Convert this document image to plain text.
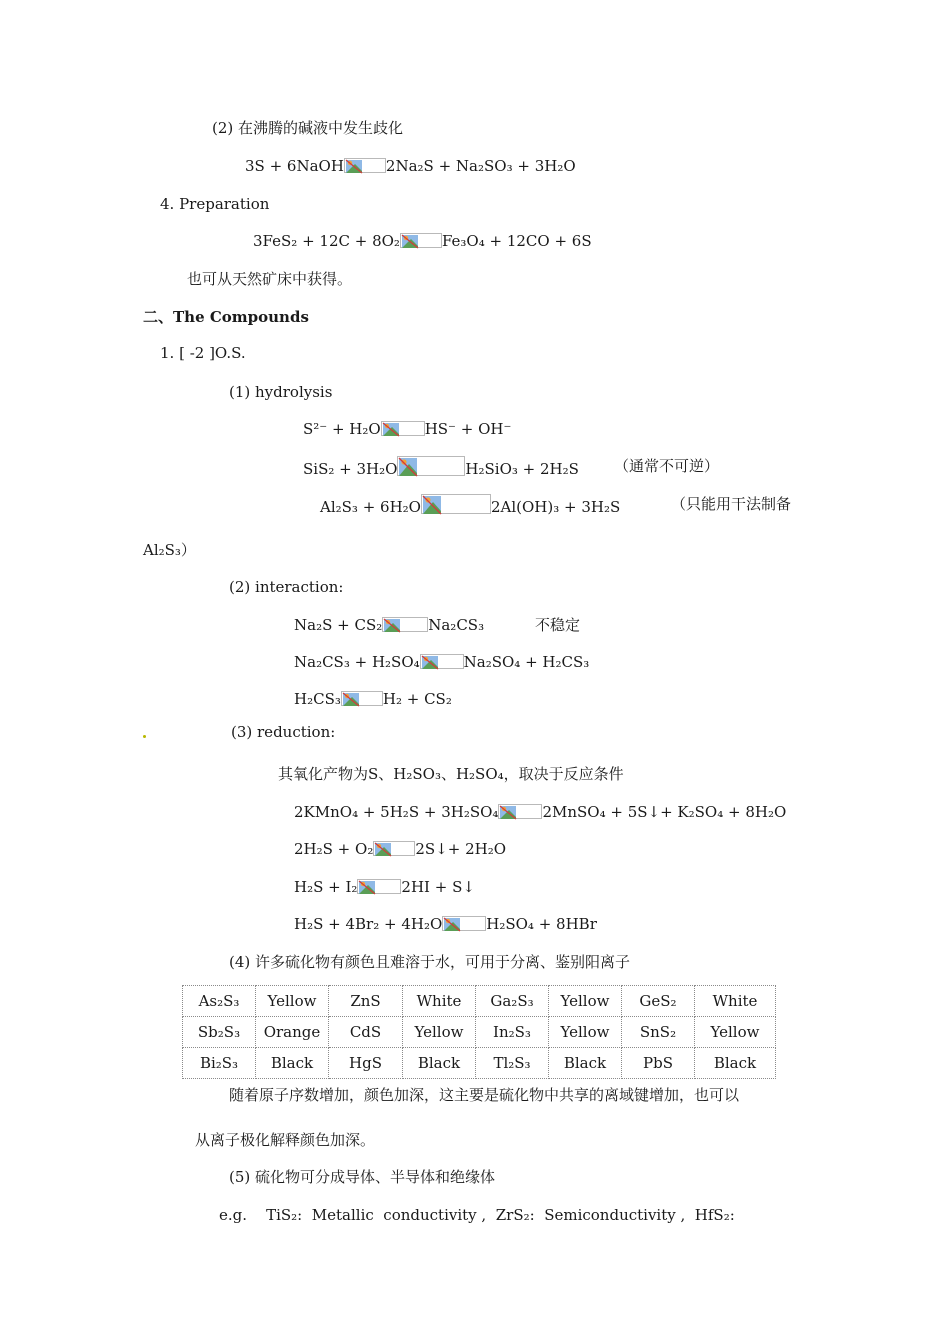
(2) 在沸腾的碱液中发生歧化
3S + 6NaOH	2Na₂S + Na₂SO₃ + 3H₂O
4. Preparation
3FeS₂ + 12C + 8O₂	Fe₃O₄ + 12CO + 6S
也可从天然矿床中获得。
二、The Compounds
1. [ -2 ]O.S.
(1) hydrolysis
S²⁻ + H₂O	HS⁻ + OH⁻
SiS₂ + 3H₂O	H₂SiO₃ + 2H₂S （通常不可逆）
Al₂S₃ + 6H₂O	2Al(OH)₃ + 3H₂S	（只能用干法制备
Al₂S₃）
(2) interaction:
Na₂S + CS₂	Na₂CS₃	不稳定
Na₂CS₃ + H₂SO₄	Na₂SO₄ + H₂CS₃
H₂CS₃	H₂ + CS₂
(3) reduction:
其氧化产物为S、H₂SO₃、H₂SO₄，取决于反应条件
2KMnO₄ + 5H₂S + 3H₂SO₄	2MnSO₄ + 5S↓+ K₂SO₄ + 8H₂O
2H₂S + O₂	2S↓+ 2H₂O
H₂S + I₂	2HI + S↓
H₂S + 4Br₂ + 4H₂O	H₂SO₄ + 8HBr
(4) 许多硫化物有颜色且难溶于水，可用于分离、鉴别阳离子
As₂S₃	Yellow	ZnS	White	Ga₂S₃	Yellow	GeS₂	White
Sb₂S₃	Orange	CdS	Yellow	In₂S₃	Yellow	SnS₂	Yellow
Bi₂S₃	Black	HgS	Black	Tl₂S₃	Black	PbS	Black
随着原子序数增加，颜色加深，这主要是硫化物中共享的离域键增加，也可以
从离子极化解释颜色加深。
(5) 硫化物可分成导体、半导体和绝缘体
e.g.    TiS₂:  Metallic  conductivity ,  ZrS₂:  Semiconductivity ,  HfS₂:
